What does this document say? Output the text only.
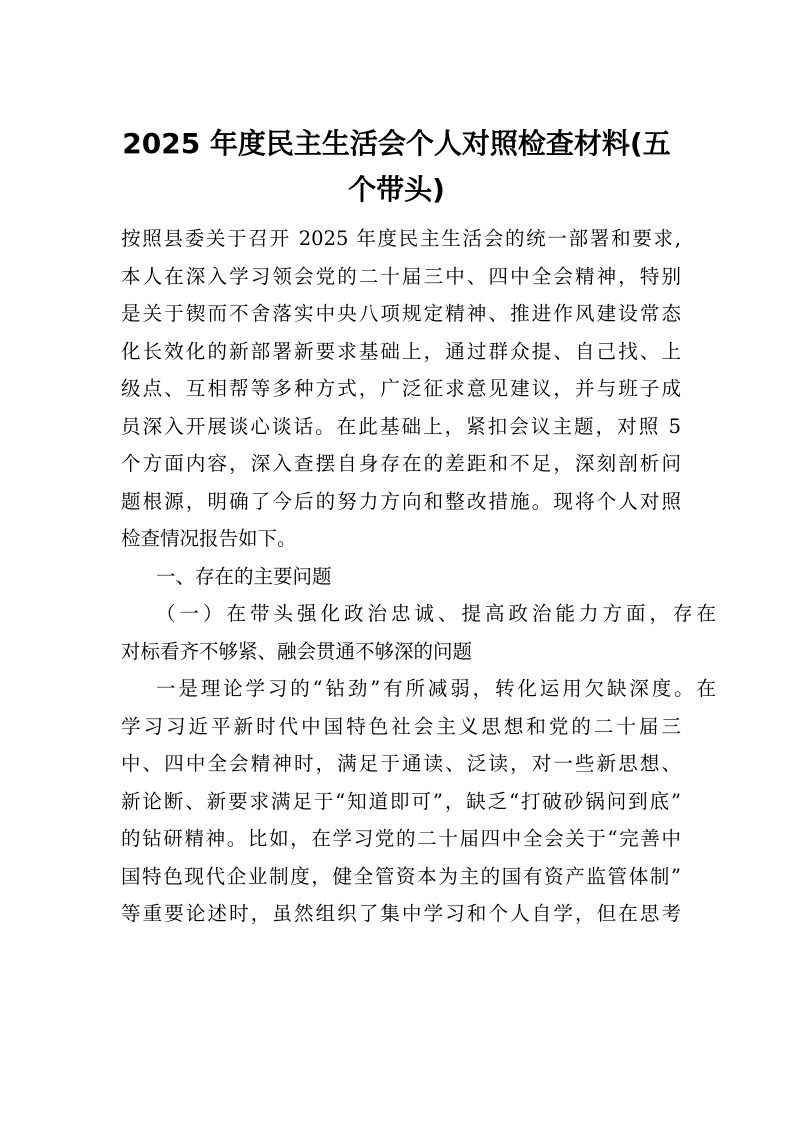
2025 年度民主生活会个人对照检查材料(五
个带头)

按照县委关于召开 2025 年度民主生活会的统一部署和要求,

本人在深入学习领会党的二十届三中、四中全会精神，特别

是关于锲而不舍落实中央八项规定精神、推进作风建设常态

化长效化的新部署新要求基础上，通过群众提、自己找、上

级点、互相帮等多种方式，广泛征求意见建议，并与班子成

员深入开展谈心谈话。在此基础上，紧扣会议主题，对照 5

个方面内容，深入查摆自身存在的差距和不足，深刻剖析问

题根源，明确了今后的努力方向和整改措施。现将个人对照

检查情况报告如下。

一、存在的主要问题

（一）在带头强化政治忠诚、提高政治能力方面，存在

对标看齐不够紧、融会贯通不够深的问题

一是理论学习的“钻劲”有所减弱，转化运用欠缺深度。在

学习习近平新时代中国特色社会主义思想和党的二十届三

中、四中全会精神时，满足于通读、泛读，对一些新思想、

新论断、新要求满足于“知道即可”，缺乏“打破砂锅问到底”

的钻研精神。比如，在学习党的二十届四中全会关于“完善中

国特色现代企业制度，健全管资本为主的国有资产监管体制”

等重要论述时，虽然组织了集中学习和个人自学，但在思考
